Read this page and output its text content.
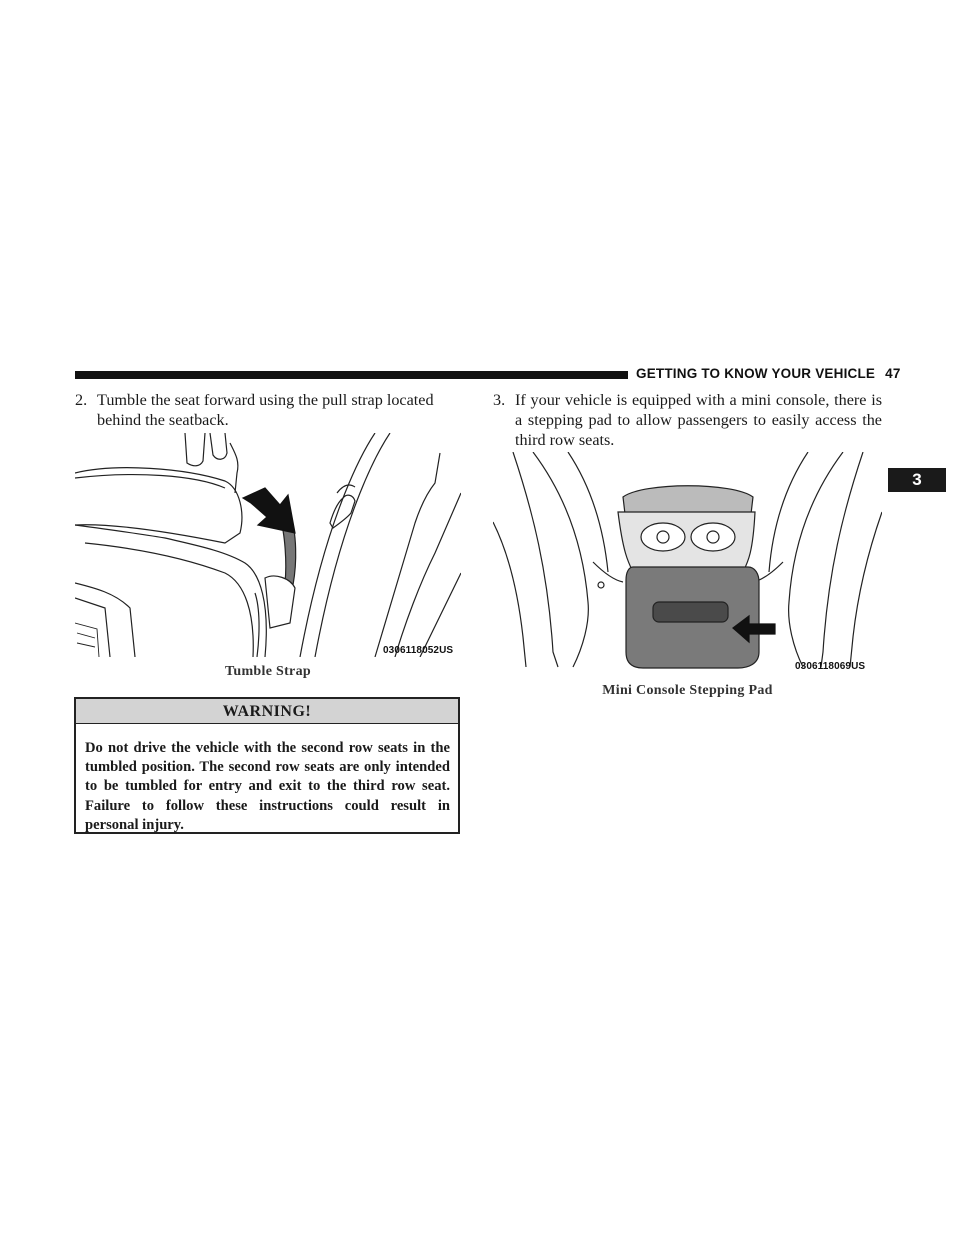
GETTING TO KNOW YOUR VEHICLE 47
3
2. Tumble the seat forward using the pull strap located behind the seatback.
0306118052US
Tumble Strap
WARNING!
Do not drive the vehicle with the second row seats in the tumbled position. The second row seats are only intended to be tumbled for entry and exit to the third row seat. Failure to follow these instructions could result in personal injury.
3. If your vehicle is equipped with a mini console, there is a stepping pad to allow passengers to easily access the third row seats.
0306118069US
Mini Console Stepping Pad
